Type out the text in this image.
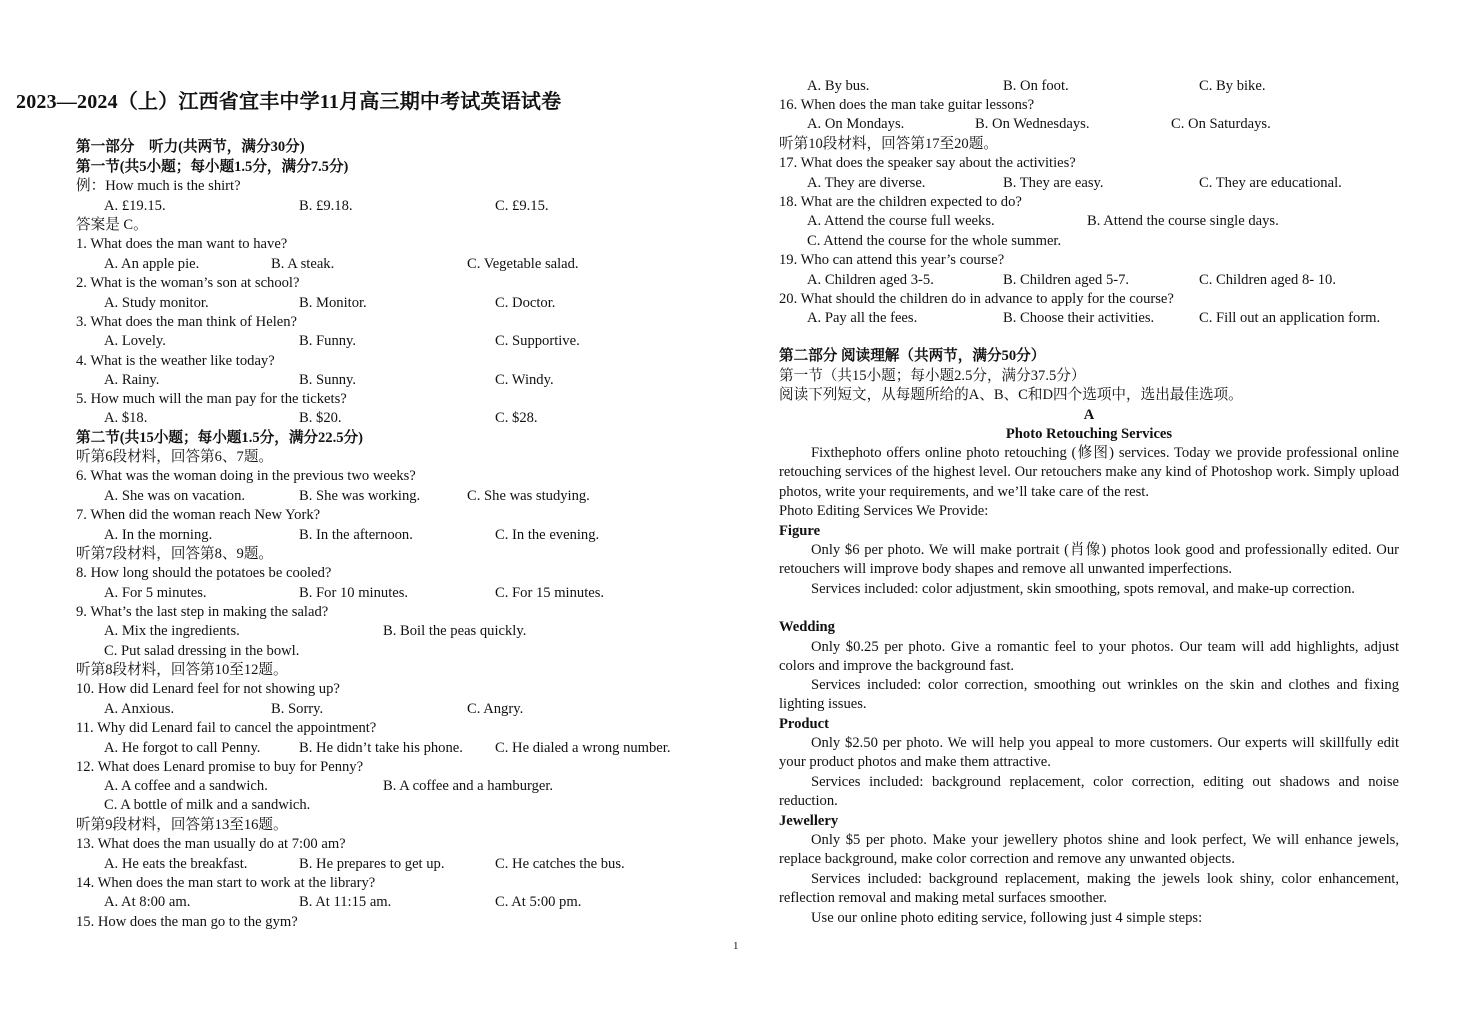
2023—2024（上）江西省宜丰中学11月高三期中考试英语试卷
第一部分　听力(共两节，满分30分)
第一节(共5小题；每小题1.5分，满分7.5分)
例：How much is the shirt?
A. £19.15.	B. £9.18.	C. £9.15.
答案是 C。
1. What does the man want to have?
A. An apple pie.	B. A steak.	C. Vegetable salad.
2. What is the woman’s son at school?
A. Study monitor.	B. Monitor.	C. Doctor.
3. What does the man think of Helen?
A. Lovely.	B. Funny.	C. Supportive.
4. What is the weather like today?
A. Rainy.	B. Sunny.	C. Windy.
5. How much will the man pay for the tickets?
A. $18.	B. $20.	C. $28.
第二节(共15小题；每小题1.5分，满分22.5分)
听第6段材料，回答第6、7题。
6. What was the woman doing in the previous two weeks?
A. She was on vacation.	B. She was working.	C. She was studying.
7. When did the woman reach New York?
A. In the morning.	B. In the afternoon.	C. In the evening.
听第7段材料，回答第8、9题。
8. How long should the potatoes be cooled?
A. For 5 minutes.	B. For 10 minutes.	C. For 15 minutes.
9. What’s the last step in making the salad?
A. Mix the ingredients.	B. Boil the peas quickly.
C. Put salad dressing in the bowl.
听第8段材料，回答第10至12题。
10. How did Lenard feel for not showing up?
A. Anxious.	B. Sorry.	C. Angry.
11. Why did Lenard fail to cancel the appointment?
A. He forgot to call Penny.	B. He didn’t take his phone. C. He dialed a wrong number.
12. What does Lenard promise to buy for Penny?
A. A coffee and a sandwich.	B. A coffee and a hamburger.
C. A bottle of milk and a sandwich.
听第9段材料，回答第13至16题。
13. What does the man usually do at 7:00 am?
A. He eats the breakfast.	B. He prepares to get up.	C. He catches the bus.
14. When does the man start to work at the library?
A. At 8:00 am.	B. At 11:15 am.	C. At 5:00 pm.
15. How does the man go to the gym?
A. By bus.	B. On foot.	C. By bike.
16. When does the man take guitar lessons?
A. On Mondays.	B. On Wednesdays.	C. On Saturdays.
听第10段材料，回答第17至20题。
17. What does the speaker say about the activities?
A. They are diverse.	B. They are easy.	C. They are educational.
18. What are the children expected to do?
A. Attend the course full weeks.	B. Attend the course single days.
C. Attend the course for the whole summer.
19. Who can attend this year’s course?
A. Children aged 3-5.	B. Children aged 5-7.	C. Children aged 8- 10.
20. What should the children do in advance to apply for the course?
A. Pay all the fees.	B. Choose their activities.	C. Fill out an application form.
第二部分 阅读理解（共两节，满分50分）
第一节（共15小题；每小题2.5分，满分37.5分）
阅读下列短文，从每题所给的A、B、C和D四个选项中，选出最佳选项。
A
Photo Retouching Services
Fixthephoto offers online photo retouching (修图) services. Today we provide professional online retouching services of the highest level. Our retouchers make any kind of Photoshop work. Simply upload photos, write your requirements, and we’ll take care of the rest.
Photo Editing Services We Provide:
Figure
Only $6 per photo. We will make portrait (肖像) photos look good and professionally edited. Our retouchers will improve body shapes and remove all unwanted imperfections.
Services included: color adjustment, skin smoothing, spots removal, and make-up correction.
Wedding
Only $0.25 per photo. Give a romantic feel to your photos. Our team will add highlights, adjust colors and improve the background fast.
Services included: color correction, smoothing out wrinkles on the skin and clothes and fixing lighting issues.
Product
Only $2.50 per photo. We will help you appeal to more customers. Our experts will skillfully edit your product photos and make them attractive.
Services included: background replacement, color correction, editing out shadows and noise reduction.
Jewellery
Only $5 per photo. Make your jewellery photos shine and look perfect, We will enhance jewels, replace background, make color correction and remove any unwanted objects.
Services included: background replacement, making the jewels look shiny, color enhancement, reflection removal and making metal surfaces smoother.
Use our online photo editing service, following just 4 simple steps:
1
